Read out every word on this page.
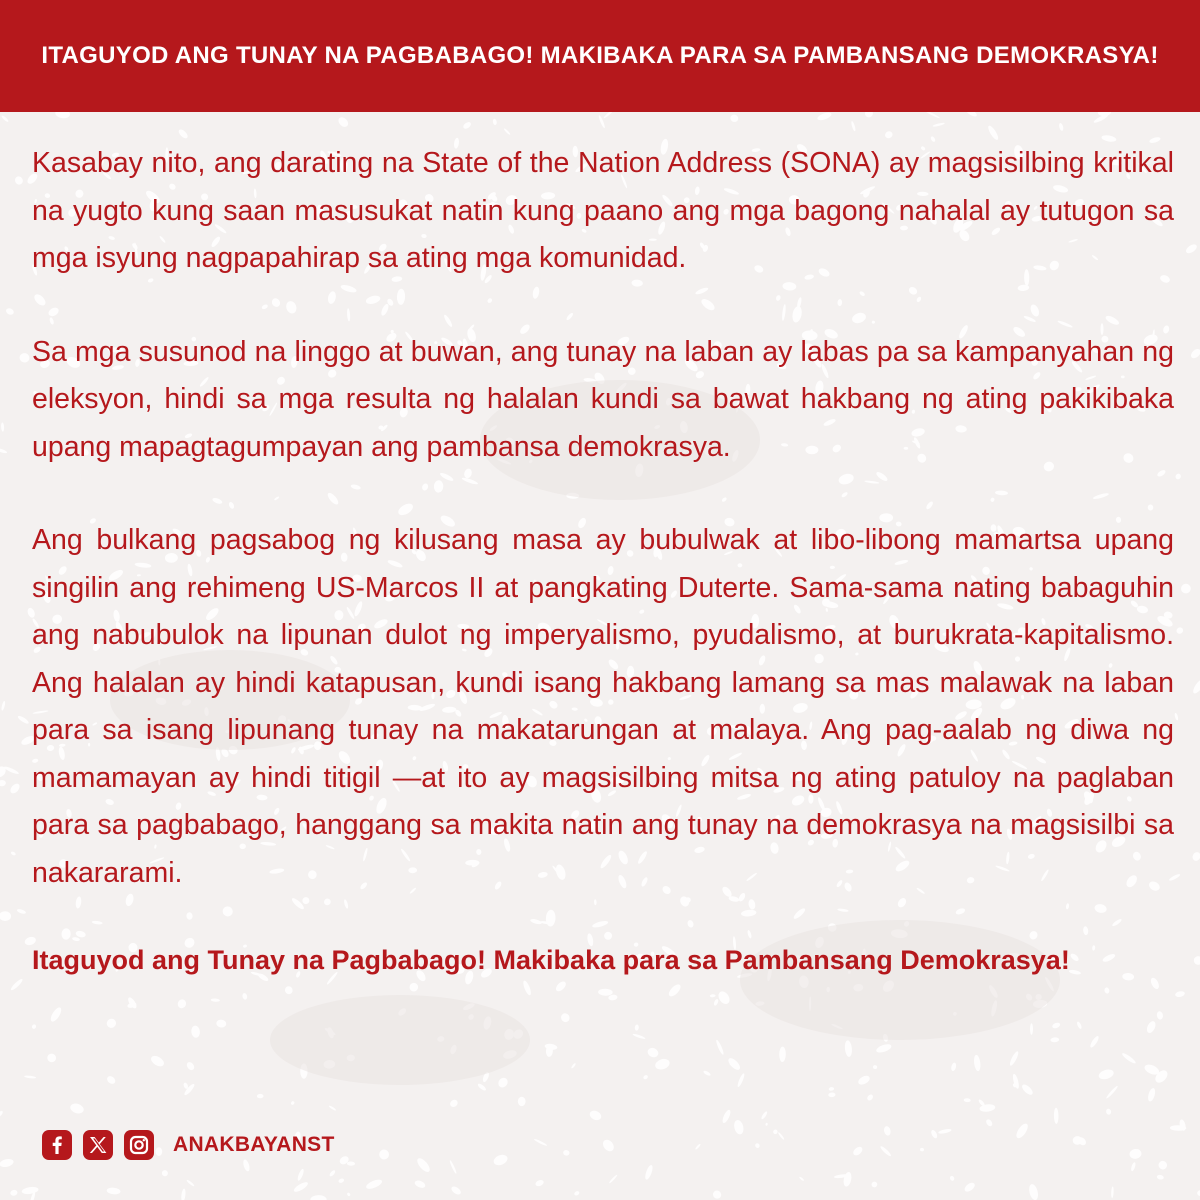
ITAGUYOD ANG TUNAY NA PAGBABAGO! MAKIBAKA PARA SA PAMBANSANG DEMOKRASYA!

Kasabay nito, ang darating na State of the Nation Address (SONA) ay magsisilbing kritikal na yugto kung saan masusukat natin kung paano ang mga bagong nahalal ay tutugon sa mga isyung nagpapahirap sa ating mga komunidad.

Sa mga susunod na linggo at buwan, ang tunay na laban ay labas pa sa kampanyahan ng eleksyon, hindi sa mga resulta ng halalan kundi sa bawat hakbang ng ating pakikibaka upang mapagtagumpayan ang pambansa demokrasya.

Ang bulkang pagsabog ng kilusang masa ay bubulwak at libo-libong mamartsa upang singilin ang rehimeng US-Marcos II at pangkating Duterte. Sama-sama nating babaguhin ang nabubulok na lipunan dulot ng imperyalismo, pyudalismo, at burukrata-kapitalismo. Ang halalan ay hindi katapusan, kundi isang hakbang lamang sa mas malawak na laban para sa isang lipunang tunay na makatarungan at malaya. Ang pag-aalab ng diwa ng mamamayan ay hindi titigil —at ito ay magsisilbing mitsa ng ating patuloy na paglaban para sa pagbabago, hanggang sa makita natin ang tunay na demokrasya na magsisilbi sa nakararami.

Itaguyod ang Tunay na Pagbabago! Makibaka para sa Pambansang Demokrasya!

ANAKBAYANST
